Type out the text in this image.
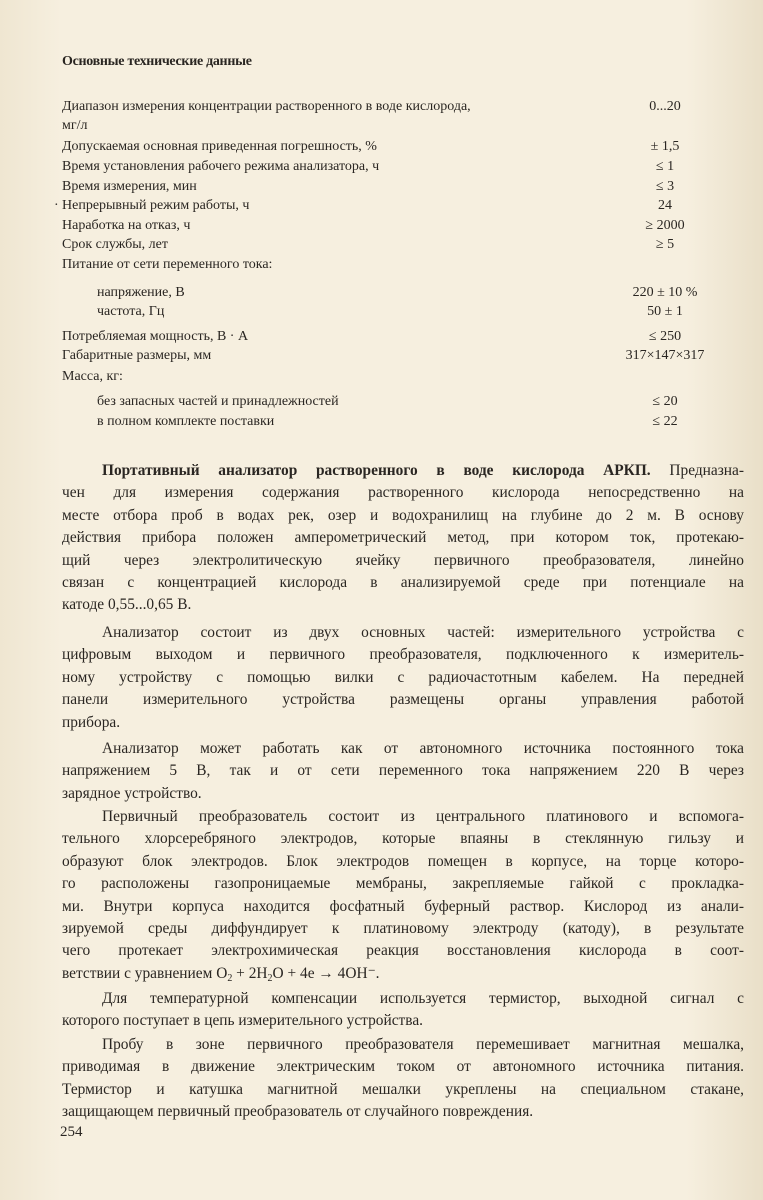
Основные технические данные
Диапазон измерения концентрации растворенного в воде кислорода,	0...20
мг/л
Допускаемая основная приведенная погрешность, %	± 1,5
Время установления рабочего режима анализатора, ч	≤ 1
Время измерения, мин	≤ 3
· Непрерывный режим работы, ч	24
Наработка на отказ, ч	≥ 2000
Срок службы, лет	≥ 5
Питание от сети переменного тока:
напряжение, В	220 ± 10 %
частота, Гц	50 ± 1
Потребляемая мощность, В · А	≤ 250
Габаритные размеры, мм	317×147×317
Масса, кг:
без запасных частей и принадлежностей	≤ 20
в полном комплекте поставки	≤ 22
Портативный анализатор растворенного в воде кислорода АРКП. Предназна-
чен для измерения содержания растворенного кислорода непосредственно на
месте отбора проб в водах рек, озер и водохранилищ на глубине до 2 м. В основу
действия прибора положен амперометрический метод, при котором ток, протекаю-
щий через электролитическую ячейку первичного преобразователя, линейно
связан с концентрацией кислорода в анализируемой среде при потенциале на
катоде 0,55...0,65 В.
Анализатор состоит из двух основных частей: измерительного устройства с
цифровым выходом и первичного преобразователя, подключенного к измеритель-
ному устройству с помощью вилки с радиочастотным кабелем. На передней
панели измерительного устройства размещены органы управления работой
прибора.
Анализатор может работать как от автономного источника постоянного тока
напряжением 5 В, так и от сети переменного тока напряжением 220 В через
зарядное устройство.
Первичный преобразователь состоит из центрального платинового и вспомога-
тельного хлорсеребряного электродов, которые впаяны в стеклянную гильзу и
образуют блок электродов. Блок электродов помещен в корпусе, на торце которо-
го расположены газопроницаемые мембраны, закрепляемые гайкой с прокладка-
ми. Внутри корпуса находится фосфатный буферный раствор. Кислород из анали-
зируемой среды диффундирует к платиновому электроду (катоду), в результате
чего протекает электрохимическая реакция восстановления кислорода в соот-
ветствии с уравнением $O_2 + 2H_2O + 4e \to 4OH^-$.
Для температурной компенсации используется термистор, выходной сигнал с
которого поступает в цепь измерительного устройства.
Пробу в зоне первичного преобразователя перемешивает магнитная мешалка,
приводимая в движение электрическим током от автономного источника питания.
Термистор и катушка магнитной мешалки укреплены на специальном стакане,
защищающем первичный преобразователь от случайного повреждения.
254
